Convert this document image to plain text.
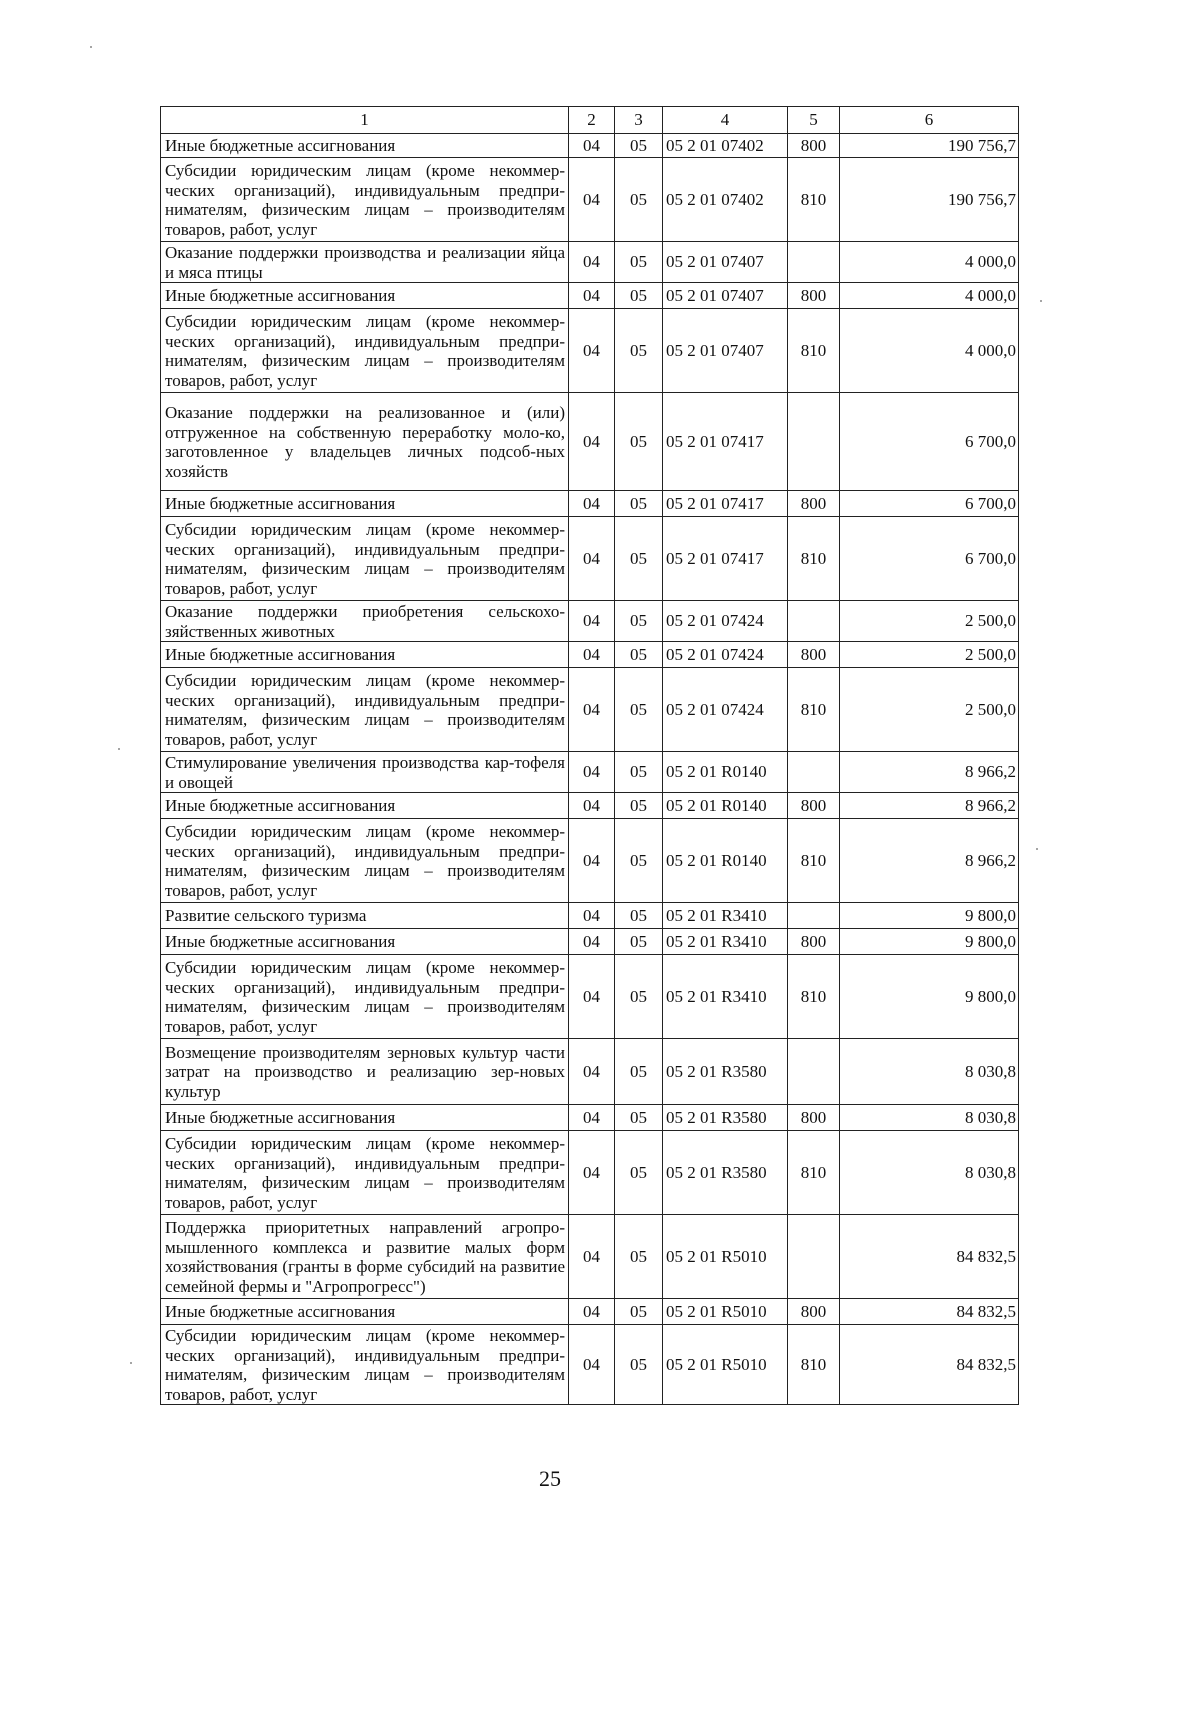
1	2	3	4	5	6
Иные бюджетные ассигнования	04	05	05 2 01 07402	800	190 756,7
Субсидии юридическим лицам (кроме некоммер-ческих организаций), индивидуальным предпри-нимателям, физическим лицам – производителям товаров, работ, услуг	04	05	05 2 01 07402	810	190 756,7
Оказание поддержки производства и реализации яйца и мяса птицы	04	05	05 2 01 07407		4 000,0
Иные бюджетные ассигнования	04	05	05 2 01 07407	800	4 000,0
Субсидии юридическим лицам (кроме некоммер-ческих организаций), индивидуальным предпри-нимателям, физическим лицам – производителям товаров, работ, услуг	04	05	05 2 01 07407	810	4 000,0
Оказание поддержки на реализованное и (или) отгруженное на собственную переработку моло-ко, заготовленное у владельцев личных подсоб-ных хозяйств	04	05	05 2 01 07417		6 700,0
Иные бюджетные ассигнования	04	05	05 2 01 07417	800	6 700,0
Субсидии юридическим лицам (кроме некоммер-ческих организаций), индивидуальным предпри-нимателям, физическим лицам – производителям товаров, работ, услуг	04	05	05 2 01 07417	810	6 700,0
Оказание поддержки приобретения сельскохо-зяйственных животных	04	05	05 2 01 07424		2 500,0
Иные бюджетные ассигнования	04	05	05 2 01 07424	800	2 500,0
Субсидии юридическим лицам (кроме некоммер-ческих организаций), индивидуальным предпри-нимателям, физическим лицам – производителям товаров, работ, услуг	04	05	05 2 01 07424	810	2 500,0
Стимулирование увеличения производства кар-тофеля и овощей	04	05	05 2 01 R0140		8 966,2
Иные бюджетные ассигнования	04	05	05 2 01 R0140	800	8 966,2
Субсидии юридическим лицам (кроме некоммер-ческих организаций), индивидуальным предпри-нимателям, физическим лицам – производителям товаров, работ, услуг	04	05	05 2 01 R0140	810	8 966,2
Развитие сельского туризма	04	05	05 2 01 R3410		9 800,0
Иные бюджетные ассигнования	04	05	05 2 01 R3410	800	9 800,0
Субсидии юридическим лицам (кроме некоммер-ческих организаций), индивидуальным предпри-нимателям, физическим лицам – производителям товаров, работ, услуг	04	05	05 2 01 R3410	810	9 800,0
Возмещение производителям зерновых культур части затрат на производство и реализацию зер-новых культур	04	05	05 2 01 R3580		8 030,8
Иные бюджетные ассигнования	04	05	05 2 01 R3580	800	8 030,8
Субсидии юридическим лицам (кроме некоммер-ческих организаций), индивидуальным предпри-нимателям, физическим лицам – производителям товаров, работ, услуг	04	05	05 2 01 R3580	810	8 030,8
Поддержка приоритетных направлений агропро-мышленного комплекса и развитие малых форм хозяйствования (гранты в форме субсидий на развитие семейной фермы и "Агропрогресс")	04	05	05 2 01 R5010		84 832,5
Иные бюджетные ассигнования	04	05	05 2 01 R5010	800	84 832,5
Субсидии юридическим лицам (кроме некоммер-ческих организаций), индивидуальным предпри-нимателям, физическим лицам – производителям товаров, работ, услуг	04	05	05 2 01 R5010	810	84 832,5
25
